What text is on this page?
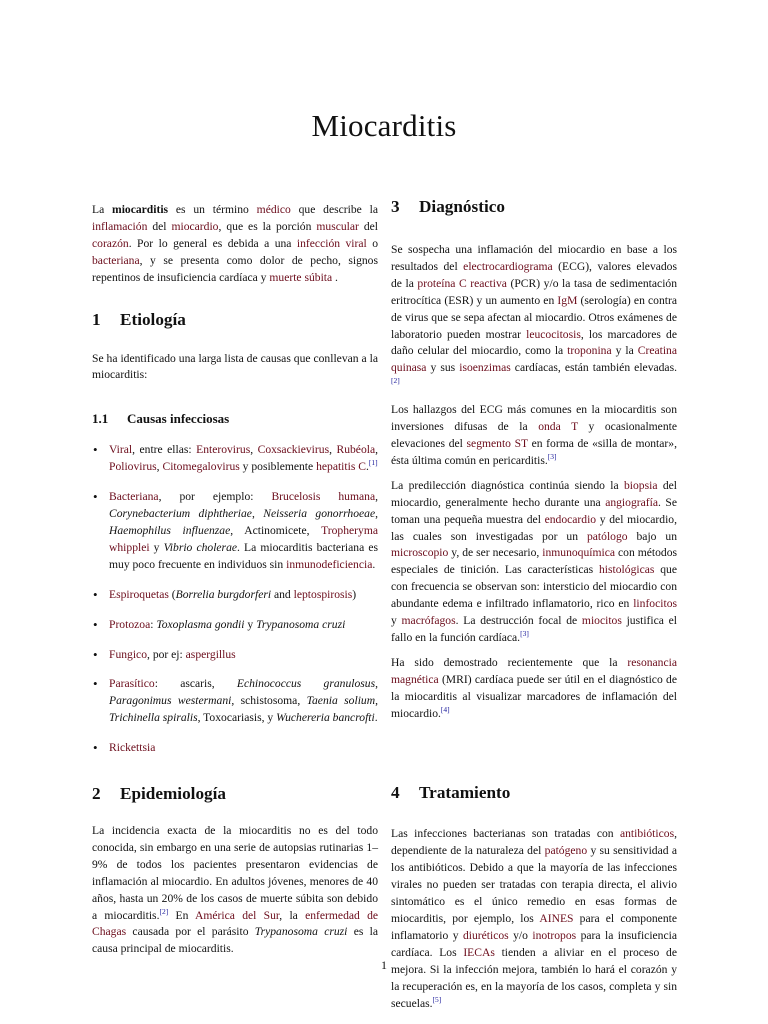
Miocarditis

La miocarditis es un término médico que describe la inflamación del miocardio, que es la porción muscular del corazón. Por lo general es debida a una infección viral o bacteriana, y se presenta como dolor de pecho, signos repentinos de insuficiencia cardíaca y muerte súbita .

1	Etiología

Se ha identificado una larga lista de causas que conllevan a la miocarditis:

1.1	Causas infecciosas
• Viral, entre ellas: Enterovirus, Coxsackievirus, Rubéola, Poliovirus, Citomegalovirus y posiblemente hepatitis C.[1]
• Bacteriana, por ejemplo: Brucelosis humana, Corynebacterium diphtheriae, Neisseria gonorrhoeae, Haemophilus influenzae, Actinomicete, Tropheryma whipplei y Vibrio cholerae. La miocarditis bacteriana es muy poco frecuente en individuos sin inmunodeficiencia.
• Espiroquetas (Borrelia burgdorferi and leptospirosis)
• Protozoa: Toxoplasma gondii y Trypanosoma cruzi
• Fungico, por ej: aspergillus
• Parasítico: ascaris, Echinococcus granulosus, Paragonimus westermani, schistosoma, Taenia solium, Trichinella spiralis, Toxocariasis, y Wuchereria bancrofti.
• Rickettsia
2	Epidemiología

La incidencia exacta de la miocarditis no es del todo conocida, sin embargo en una serie de autopsias rutinarias 1–9% de todos los pacientes presentaron evidencias de inflamación al miocardio. En adultos jóvenes, menores de 40 años, hasta un 20% de los casos de muerte súbita son debido a miocarditis.[2] En América del Sur, la enfermedad de Chagas causada por el parásito Trypanosoma cruzi es la causa principal de miocarditis.

3	Diagnóstico

Se sospecha una inflamación del miocardio en base a los resultados del electrocardiograma (ECG), valores elevados de la proteína C reactiva (PCR) y/o la tasa de sedimentación eritrocítica (ESR) y un aumento en IgM (serología) en contra de virus que se sepa afectan al miocardio. Otros exámenes de laboratorio pueden mostrar leucocitosis, los marcadores de daño celular del miocardio, como la troponina y la Creatina quinasa y sus isoenzimas cardíacas, están también elevadas.[2]

Los hallazgos del ECG más comunes en la miocarditis son inversiones difusas de la onda T y ocasionalmente elevaciones del segmento ST en forma de «silla de montar», ésta última común en pericarditis.[3]

La predilección diagnóstica continúa siendo la biopsia del miocardio, generalmente hecho durante una angiografía. Se toman una pequeña muestra del endocardio y del miocardio, las cuales son investigadas por un patólogo bajo un microscopio y, de ser necesario, inmunoquímica con métodos especiales de tinición. Las características histológicas que con frecuencia se observan son: intersticio del miocardio con abundante edema e infiltrado inflamatorio, rico en linfocitos y macrófagos. La destrucción focal de miocitos justifica el fallo en la función cardíaca.[3]

Ha sido demostrado recientemente que la resonancia magnética (MRI) cardíaca puede ser útil en el diagnóstico de la miocarditis al visualizar marcadores de inflamación del miocardio.[4]

4	Tratamiento

Las infecciones bacterianas son tratadas con antibióticos, dependiente de la naturaleza del patógeno y su sensitividad a los antibióticos. Debido a que la mayoría de las infecciones virales no pueden ser tratadas con terapia directa, el alivio sintomático es el único remedio en esas formas de miocarditis, por ejemplo, los AINES para el componente inflamatorio y diuréticos y/o inotropos para la insuficiencia cardíaca. Los IECAs tienden a aliviar en el proceso de mejora. Si la infección mejora, también lo hará el corazón y la recuperación es, en la mayoría de los casos, completa y sin secuelas.[5]

1
